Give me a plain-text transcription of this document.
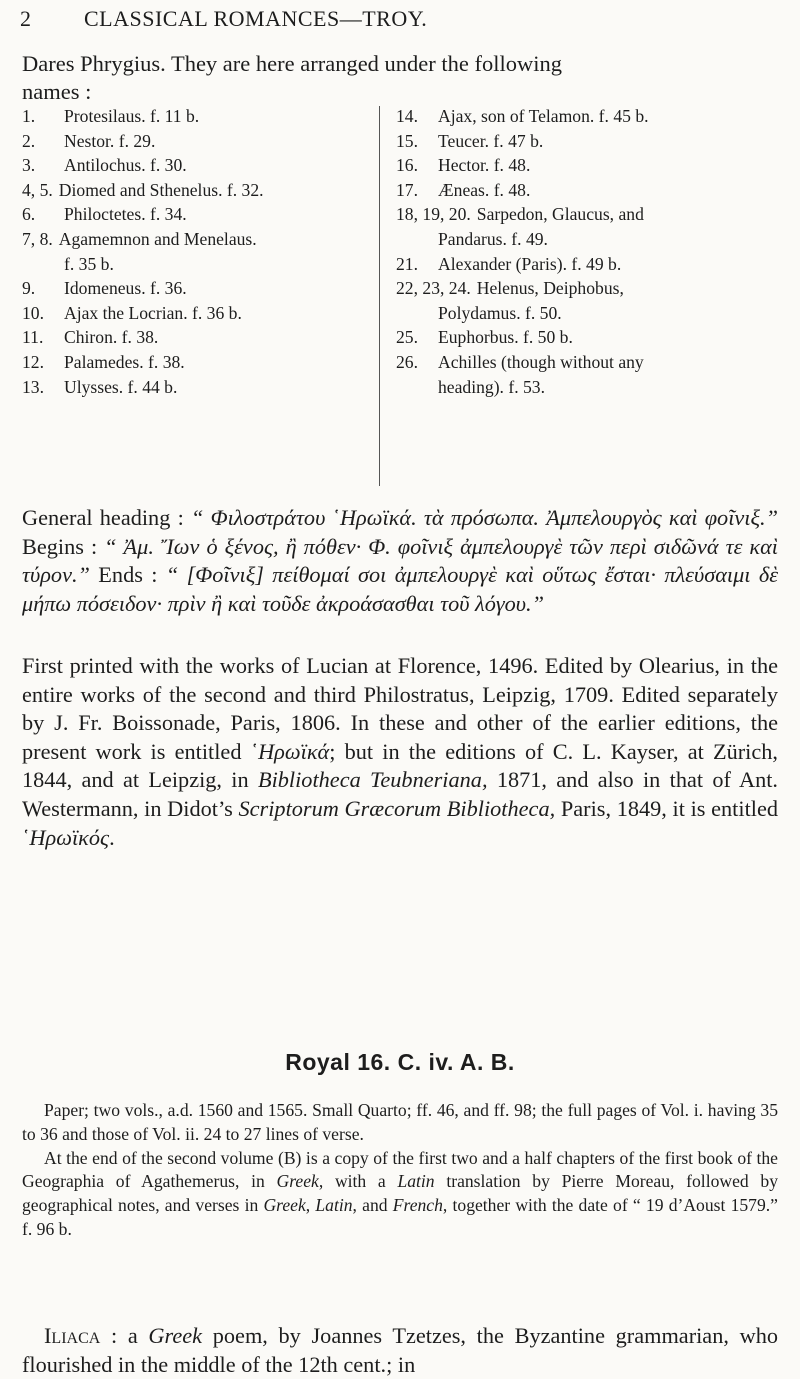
2 CLASSICAL ROMANCES—TROY.
Dares Phrygius. They are here arranged under the following
names :
1.	Protesilaus. f. 11 b.
2.	Nestor. f. 29.
3.	Antilochus. f. 30.
4, 5. Diomed and Sthenelus. f. 32.
6.	Philoctetes. f. 34.
7, 8. Agamemnon and Menelaus.
f. 35 b.
9.	Idomeneus. f. 36.
10.	Ajax the Locrian. f. 36 b.
11.	Chiron. f. 38.
12.	Palamedes. f. 38.
13.	Ulysses. f. 44 b.
14.	Ajax, son of Telamon. f. 45 b.
15.	Teucer. f. 47 b.
16.	Hector. f. 48.
17.	Æneas. f. 48.
18, 19, 20. Sarpedon, Glaucus, and
Pandarus. f. 49.
21.	Alexander (Paris). f. 49 b.
22, 23, 24. Helenus, Deiphobus,
Polydamus. f. 50.
25.	Euphorbus. f. 50 b.
26.	Achilles (though without any
heading). f. 53.
General heading : “ Φιλοστράτου ῾Ηρωϊκά. τὰ πρόσωπα. Ἀμπελουργὸς καὶ φοῖνιξ.” Begins : “ Ἀμ. Ἴων ὁ ξένος, ἢ πόθεν· Φ. φοῖνιξ ἀμπελουργὲ τῶν περὶ σιδῶνά τε καὶ τύρον.” Ends : “ [Φοῖνιξ] πείθομαί σοι ἀμπελουργὲ καὶ οὕτως ἔσται· πλεύσαιμι δὲ μήπω πόσειδον· πρὶν ἢ καὶ τοῦδε ἀκροάσασθαι τοῦ λόγου.”
First printed with the works of Lucian at Florence, 1496. Edited by Olearius, in the entire works of the second and third Philostratus, Leipzig, 1709. Edited separately by J. Fr. Boissonade, Paris, 1806. In these and other of the earlier editions, the present work is entitled ῾Ηρωϊκά; but in the editions of C. L. Kayser, at Zürich, 1844, and at Leipzig, in Bibliotheca Teubneriana, 1871, and also in that of Ant. Westermann, in Didot’s Scriptorum Græcorum Bibliotheca, Paris, 1849, it is entitled ῾Ηρωϊκός.
Royal 16. C. iv. A. B.

Paper; two vols., a.d. 1560 and 1565. Small Quarto; ff. 46, and ff. 98; the full pages of Vol. i. having 35 to 36 and those of Vol. ii. 24 to 27 lines of verse.

At the end of the second volume (B) is a copy of the first two and a half chapters of the first book of the Geographia of Agathemerus, in Greek, with a Latin translation by Pierre Moreau, followed by geographical notes, and verses in Greek, Latin, and French, together with the date of “ 19 d’Aoust 1579.” f. 96 b.

Iliaca : a Greek poem, by Joannes Tzetzes, the Byzantine grammarian, who flourished in the middle of the 12th cent.; in
